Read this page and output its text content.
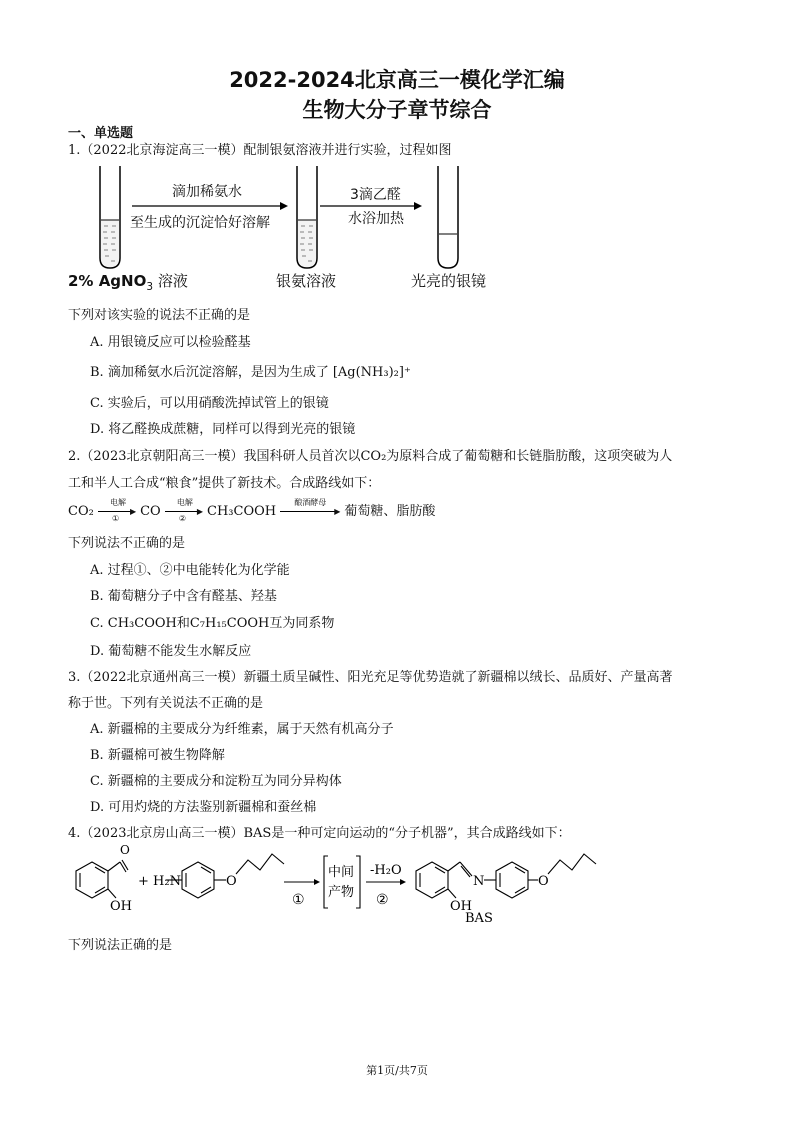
2022-2024北京高三一模化学汇编
生物大分子章节综合
一、单选题
1.（2022北京海淀高三一模）配制银氨溶液并进行实验，过程如图
滴加稀氨水
至生成的沉淀恰好溶解
3滴乙醛
水浴加热
2% AgNO$_3$ 溶液	银氨溶液	光亮的银镜
下列对该实验的说法不正确的是
A. 用银镜反应可以检验醛基
B. 滴加稀氨水后沉淀溶解，是因为生成了 [Ag(NH₃)₂]⁺
C. 实验后，可以用硝酸洗掉试管上的银镜
D. 将乙醛换成蔗糖，同样可以得到光亮的银镜
2.（2023北京朝阳高三一模）我国科研人员首次以CO₂为原料合成了葡萄糖和长链脂肪酸，这项突破为人
工和半人工合成“粮食”提供了新技术。合成路线如下：
CO₂
电解
▶
① CO
电解
▶
② CH₃COOH
酿酒酵母
▶ 葡萄糖、脂肪酸
下列说法不正确的是
A. 过程①、②中电能转化为化学能
B. 葡萄糖分子中含有醛基、羟基
C. CH₃COOH和C₇H₁₅COOH互为同系物
D. 葡萄糖不能发生水解反应
3.（2022北京通州高三一模）新疆土质呈碱性、阳光充足等优势造就了新疆棉以绒长、品质好、产量高著
称于世。下列有关说法不正确的是
A. 新疆棉的主要成分为纤维素，属于天然有机高分子
B. 新疆棉可被生物降解
C. 新疆棉的主要成分和淀粉互为同分异构体
D. 可用灼烧的方法鉴别新疆棉和蚕丝棉
4.（2023北京房山高三一模）BAS是一种可定向运动的“分子机器”，其合成路线如下：
O
OH
+ H₂N	O
①
中间
产物
-H₂O
②	OH
N	O
BAS
下列说法正确的是
第1页/共7页
